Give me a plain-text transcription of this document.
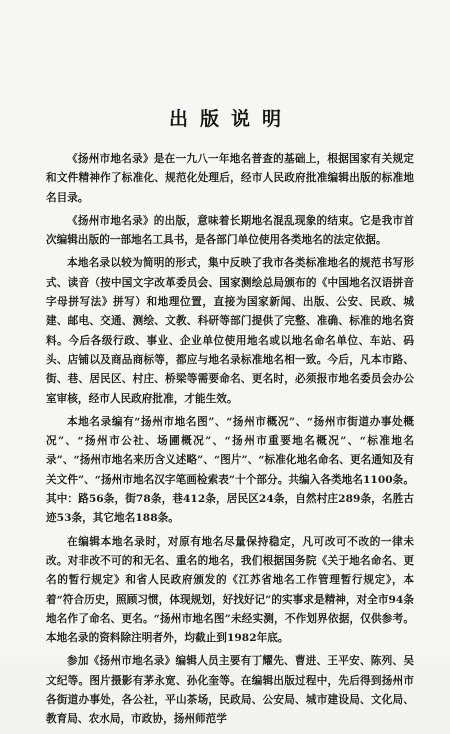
出版说明

《扬州市地名录》是在一九八一年地名普查的基础上，根据国家有关规定和文件精神作了标准化、规范化处理后，经市人民政府批准编辑出版的标准地名目录。

《扬州市地名录》的出版，意味着长期地名混乱现象的结束。它是我市首次编辑出版的一部地名工具书，是各部门单位使用各类地名的法定依据。

本地名录以较为简明的形式，集中反映了我市各类标准地名的规范书写形式、读音（按中国文字改革委员会、国家测绘总局颁布的《中国地名汉语拼音字母拼写法》拼写）和地理位置，直接为国家新闻、出版、公安、民政、城建、邮电、交通、测绘、文教、科研等部门提供了完整、准确、标准的地名资料。今后各级行政、事业、企业单位使用地名或以地名命名单位、车站、码头、店铺以及商品商标等，都应与地名录标准地名相一致。今后，凡本市路、街、巷、居民区、村庄、桥梁等需要命名、更名时，必须报市地名委员会办公室审核，经市人民政府批准，才能生效。

本地名录编有“扬州市地名图”、“扬州市概况”、“扬州市街道办事处概况”、“扬州市公社、场圃概况”、“扬州市重要地名概况”、“标准地名录”、“扬州市地名来历含义述略”、“图片”、“标准化地名命名、更名通知及有关文件”、“扬州市地名汉字笔画检索表”十个部分。共编入各类地名1100条。其中：路56条，街78条，巷412条，居民区24条，自然村庄289条，名胜古迹53条，其它地名188条。

在编辑本地名录时，对原有地名尽量保持稳定，凡可改可不改的一律未改。对非改不可的和无名、重名的地名，我们根据国务院《关于地名命名、更名的暂行规定》和省人民政府颁发的《江苏省地名工作管理暂行规定》，本着“符合历史，照顾习惯，体现规划，好找好记”的实事求是精神，对全市94条地名作了命名、更名。“扬州市地名图”未经实测，不作划界依据，仅供参考。本地名录的资料除注明者外，均截止到1982年底。

参加《扬州市地名录》编辑人员主要有丁耀先、曹进、王平安、陈列、吴文纪等。图片摄影有茅永宽、孙化奎等。在编辑出版过程中，先后得到扬州市各街道办事处，各公社，平山茶场，民政局、公安局、城市建设局、文化局、教育局、农水局，市政协，扬州师范学
